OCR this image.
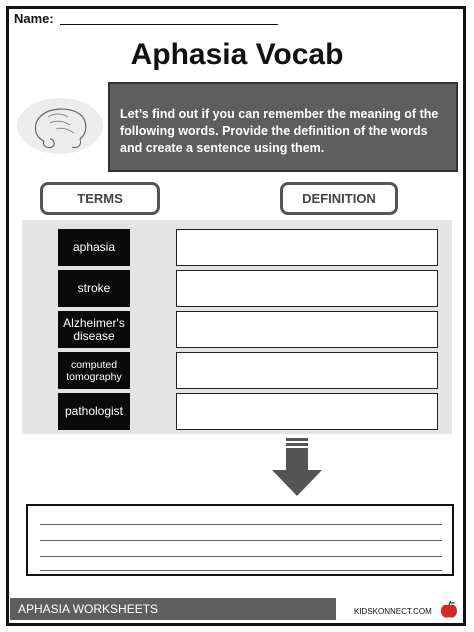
Name:
Aphasia Vocab
Let’s find out if you can remember the meaning of the following words. Provide the definition of the words and create a sentence using them.
TERMS	DEFINITION
aphasia
stroke
Alzheimer's
disease
computed
tomography
pathologist
APHASIA WORKSHEETS	KIDSKONNECT.COM
